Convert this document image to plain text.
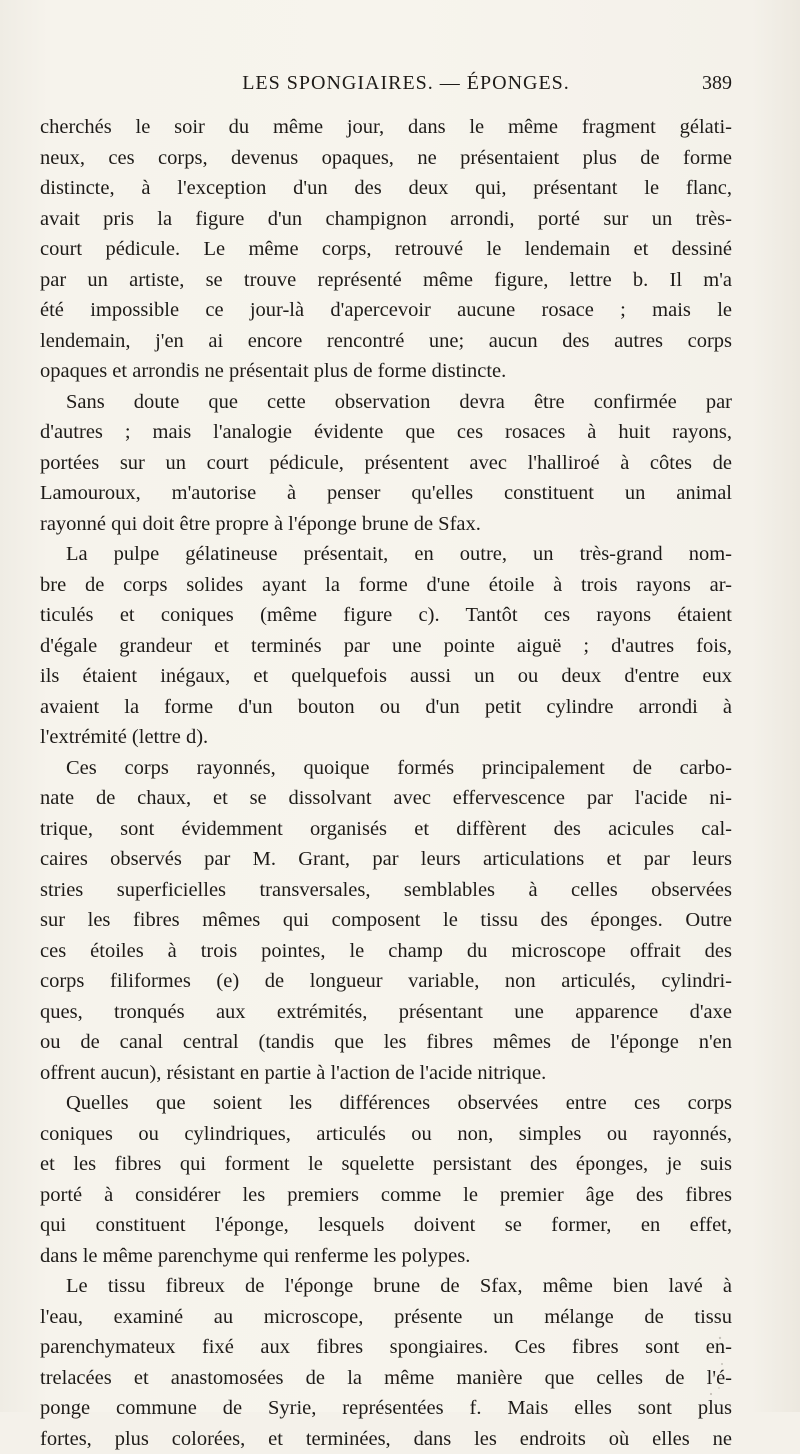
LES SPONGIAIRES. — ÉPONGES.	389
cherchés le soir du même jour, dans le même fragment gélati-
neux, ces corps, devenus opaques, ne présentaient plus de forme
distincte, à l'exception d'un des deux qui, présentant le flanc,
avait pris la figure d'un champignon arrondi, porté sur un très-
court pédicule. Le même corps, retrouvé le lendemain et dessiné
par un artiste, se trouve représenté même figure, lettre b. Il m'a
été impossible ce jour-là d'apercevoir aucune rosace ; mais le
lendemain, j'en ai encore rencontré une; aucun des autres corps
opaques et arrondis ne présentait plus de forme distincte.
Sans doute que cette observation devra être confirmée par
d'autres ; mais l'analogie évidente que ces rosaces à huit rayons,
portées sur un court pédicule, présentent avec l'halliroé à côtes de
Lamouroux, m'autorise à penser qu'elles constituent un animal
rayonné qui doit être propre à l'éponge brune de Sfax.
La pulpe gélatineuse présentait, en outre, un très-grand nom-
bre de corps solides ayant la forme d'une étoile à trois rayons ar-
ticulés et coniques (même figure c). Tantôt ces rayons étaient
d'égale grandeur et terminés par une pointe aiguë ; d'autres fois,
ils étaient inégaux, et quelquefois aussi un ou deux d'entre eux
avaient la forme d'un bouton ou d'un petit cylindre arrondi à
l'extrémité (lettre d).
Ces corps rayonnés, quoique formés principalement de carbo-
nate de chaux, et se dissolvant avec effervescence par l'acide ni-
trique, sont évidemment organisés et diffèrent des acicules cal-
caires observés par M. Grant, par leurs articulations et par leurs
stries superficielles transversales, semblables à celles observées
sur les fibres mêmes qui composent le tissu des éponges. Outre
ces étoiles à trois pointes, le champ du microscope offrait des
corps filiformes (e) de longueur variable, non articulés, cylindri-
ques, tronqués aux extrémités, présentant une apparence d'axe
ou de canal central (tandis que les fibres mêmes de l'éponge n'en
offrent aucun), résistant en partie à l'action de l'acide nitrique.
Quelles que soient les différences observées entre ces corps
coniques ou cylindriques, articulés ou non, simples ou rayonnés,
et les fibres qui forment le squelette persistant des éponges, je suis
porté à considérer les premiers comme le premier âge des fibres
qui constituent l'éponge, lesquels doivent se former, en effet,
dans le même parenchyme qui renferme les polypes.
Le tissu fibreux de l'éponge brune de Sfax, même bien lavé à
l'eau, examiné au microscope, présente un mélange de tissu
parenchymateux fixé aux fibres spongiaires. Ces fibres sont en-
trelacées et anastomosées de la même manière que celles de l'é-
ponge commune de Syrie, représentées f. Mais elles sont plus
fortes, plus colorées, et terminées, dans les endroits où elles ne
